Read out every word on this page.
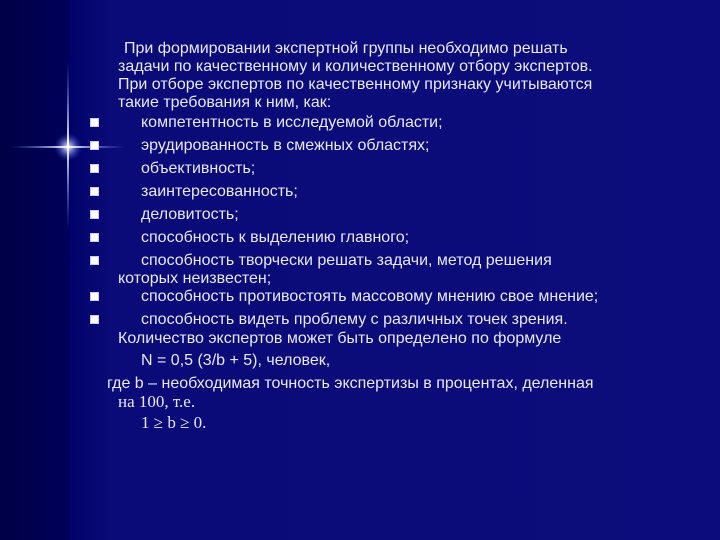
При формировании экспертной группы необходимо решать
задачи по качественному и количественному отбору экспертов.
При отборе экспертов по качественному признаку учитываются
такие требования к ним, как:
компетентность в исследуемой области;
эрудированность в смежных областях;
объективность;
заинтересованность;
деловитость;
способность к выделению главного;
способность творчески решать задачи, метод решения
которых неизвестен;
способность противостоять массовому мнению свое мнение;
способность видеть проблему с различных точек зрения.
Количество экспертов может быть определено по формуле
N = 0,5 (3/b + 5), человек,
где b – необходимая точность экспертизы в процентах, деленная
на 100, т.е.
1 ≥ b ≥ 0.
